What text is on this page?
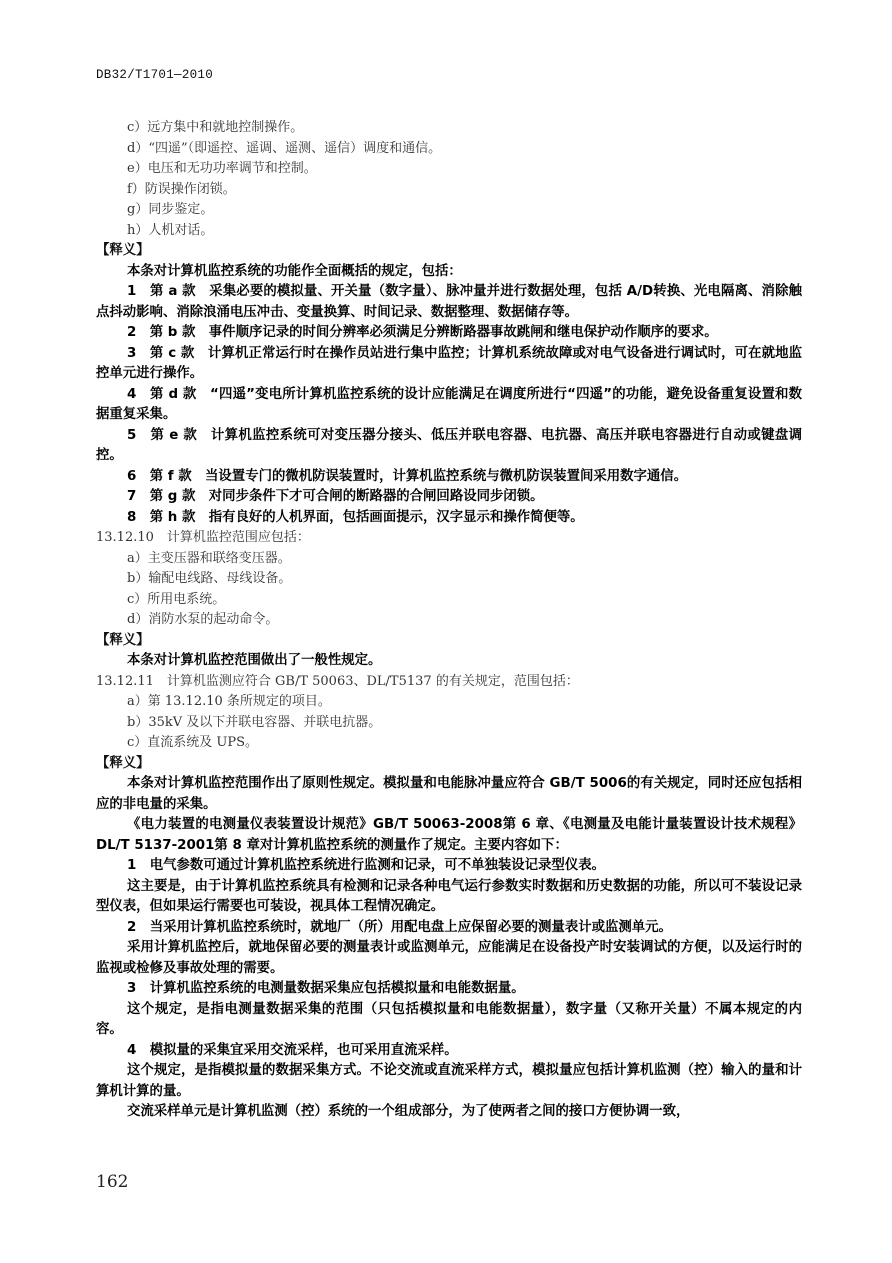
DB32/T1701—2010
c）远方集中和就地控制操作。
d）“四遥”（即遥控、遥调、遥测、遥信）调度和通信。
e）电压和无功功率调节和控制。
f）防误操作闭锁。
g）同步鉴定。
h）人机对话。
【释义】
本条对计算机监控系统的功能作全面概括的规定，包括：
1　第 a 款　采集必要的模拟量、开关量（数字量）、脉冲量并进行数据处理，包括 A/D转换、光电隔离、消除触点抖动影响、消除浪涌电压冲击、变量换算、时间记录、数据整理、数据储存等。
2　第 b 款　事件顺序记录的时间分辨率必须满足分辨断路器事故跳闸和继电保护动作顺序的要求。
3　第 c 款　计算机正常运行时在操作员站进行集中监控；计算机系统故障或对电气设备进行调试时，可在就地监控单元进行操作。
4　第 d 款　“四遥”变电所计算机监控系统的设计应能满足在调度所进行“四遥”的功能，避免设备重复设置和数据重复采集。
5　第 e 款　计算机监控系统可对变压器分接头、低压并联电容器、电抗器、高压并联电容器进行自动或键盘调控。
6　第 f 款　当设置专门的微机防误装置时，计算机监控系统与微机防误装置间采用数字通信。
7　第 g 款　对同步条件下才可合闸的断路器的合闸回路设同步闭锁。
8　第 h 款　指有良好的人机界面，包括画面提示，汉字显示和操作简便等。
13.12.10　计算机监控范围应包括：
a）主变压器和联络变压器。
b）输配电线路、母线设备。
c）所用电系统。
d）消防水泵的起动命令。
【释义】
本条对计算机监控范围做出了一般性规定。
13.12.11　计算机监测应符合 GB/T 50063、DL/T5137 的有关规定，范围包括：
a）第 13.12.10 条所规定的项目。
b）35kV 及以下并联电容器、并联电抗器。
c）直流系统及 UPS。
【释义】
本条对计算机监控范围作出了原则性规定。模拟量和电能脉冲量应符合 GB/T 5006的有关规定，同时还应包括相应的非电量的采集。
《电力装置的电测量仪表装置设计规范》GB/T 50063-2008第 6 章、《电测量及电能计量装置设计技术规程》DL/T 5137-2001第 8 章对计算机监控系统的测量作了规定。主要内容如下：
1　电气参数可通过计算机监控系统进行监测和记录，可不单独装设记录型仪表。
这主要是，由于计算机监控系统具有检测和记录各种电气运行参数实时数据和历史数据的功能，所以可不装设记录型仪表，但如果运行需要也可装设，视具体工程情况确定。
2　当采用计算机监控系统时，就地厂（所）用配电盘上应保留必要的测量表计或监测单元。
采用计算机监控后，就地保留必要的测量表计或监测单元，应能满足在设备投产时安装调试的方便，以及运行时的监视或检修及事故处理的需要。
3　计算机监控系统的电测量数据采集应包括模拟量和电能数据量。
这个规定，是指电测量数据采集的范围（只包括模拟量和电能数据量），数字量（又称开关量）不属本规定的内容。
4　模拟量的采集宜采用交流采样，也可采用直流采样。
这个规定，是指模拟量的数据采集方式。不论交流或直流采样方式，模拟量应包括计算机监测（控）输入的量和计算机计算的量。
交流采样单元是计算机监测（控）系统的一个组成部分，为了使两者之间的接口方便协调一致，
162
